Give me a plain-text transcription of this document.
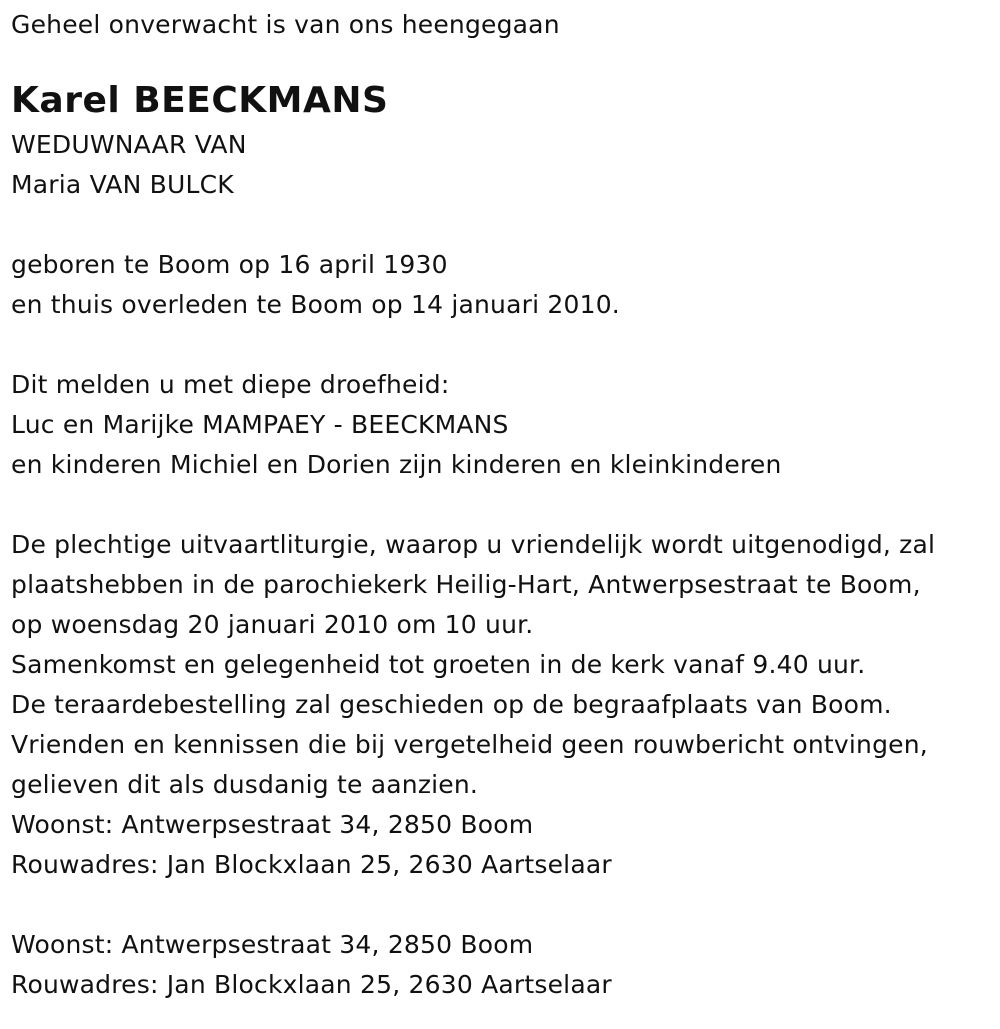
Geheel onverwacht is van ons heengegaan
Karel BEECKMANS
WEDUWNAAR VAN
Maria VAN BULCK
geboren te Boom op 16 april 1930
en thuis overleden te Boom op 14 januari 2010.
Dit melden u met diepe droefheid:
Luc en Marijke MAMPAEY - BEECKMANS
en kinderen Michiel en Dorien zijn kinderen en kleinkinderen
De plechtige uitvaartliturgie, waarop u vriendelijk wordt uitgenodigd, zal
plaatshebben in de parochiekerk Heilig-Hart, Antwerpsestraat te Boom,
op woensdag 20 januari 2010 om 10 uur.
Samenkomst en gelegenheid tot groeten in de kerk vanaf 9.40 uur.
De teraardebestelling zal geschieden op de begraafplaats van Boom.
Vrienden en kennissen die bij vergetelheid geen rouwbericht ontvingen,
gelieven dit als dusdanig te aanzien.
Woonst: Antwerpsestraat 34, 2850 Boom
Rouwadres: Jan Blockxlaan 25, 2630 Aartselaar
Woonst: Antwerpsestraat 34, 2850 Boom
Rouwadres: Jan Blockxlaan 25, 2630 Aartselaar
